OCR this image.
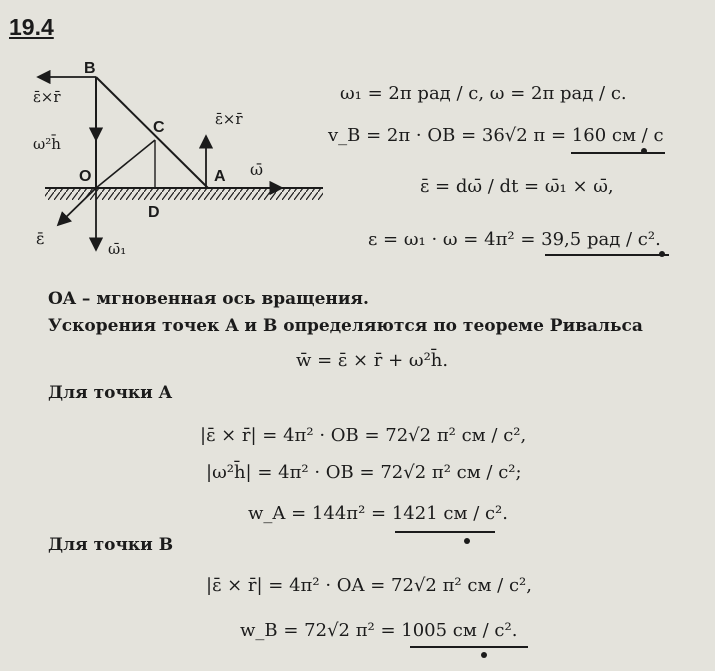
19.4
B
C
O	A
D
ε̄×r̄
ω²h̄
ε̄×r̄
ω̄
ε̄
ω̄₁
ω₁ = 2π рад / с, ω = 2π рад / с.
v_B = 2π · OB = 36√2 π = 160 см / с
ε̄ = dω̄ / dt = ω̄₁ × ω̄,
ε = ω₁ · ω = 4π² = 39,5 рад / с².
OA – мгновенная ось вращения.
Ускорения точек A и B определяются по теореме Ривальса
w̄ = ε̄ × r̄ + ω²h̄.
Для точки A
|ε̄ × r̄| = 4π² · OB = 72√2 π² см / с²,
|ω²h̄| = 4π² · OB = 72√2 π² см / с²;
w_A = 144π² = 1421 см / с².
Для точки B
|ε̄ × r̄| = 4π² · OA = 72√2 π² см / с²,
w_B = 72√2 π² = 1005 см / с².
